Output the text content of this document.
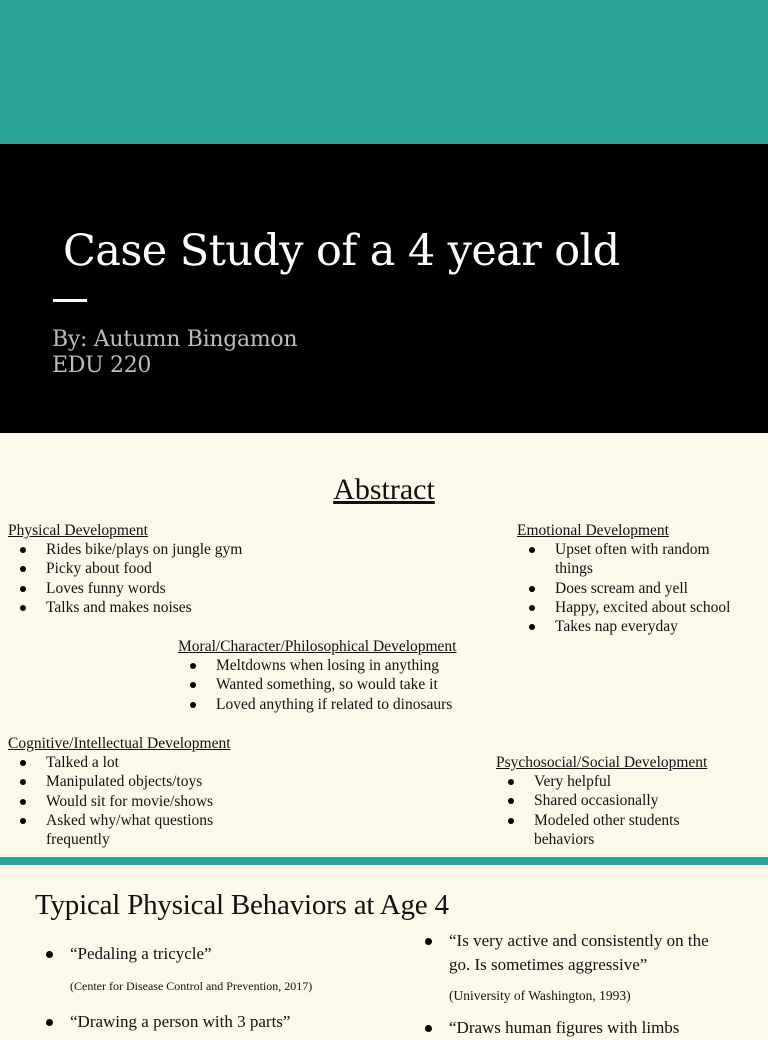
Case Study of a 4 year old
By: Autumn Bingamon
EDU 220
Abstract
Physical Development
Rides bike/plays on jungle gym
Picky about food
Loves funny words
Talks and makes noises
Emotional Development
Upset often with random things
Does scream and yell
Happy, excited about school
Takes nap everyday
Moral/Character/Philosophical Development
Meltdowns when losing in anything
Wanted something, so would take it
Loved anything if related to dinosaurs
Cognitive/Intellectual Development
Talked a lot
Manipulated objects/toys
Would sit for movie/shows
Asked why/what questions frequently
Psychosocial/Social Development
Very helpful
Shared occasionally
Modeled other students behaviors
Typical Physical Behaviors at Age 4
“Pedaling a tricycle”
(Center for Disease Control and Prevention, 2017)
“Drawing a person with 3 parts”
“Is very active and consistently on the go. Is sometimes aggressive”
(University of Washington, 1993)
“Draws human figures with limbs
